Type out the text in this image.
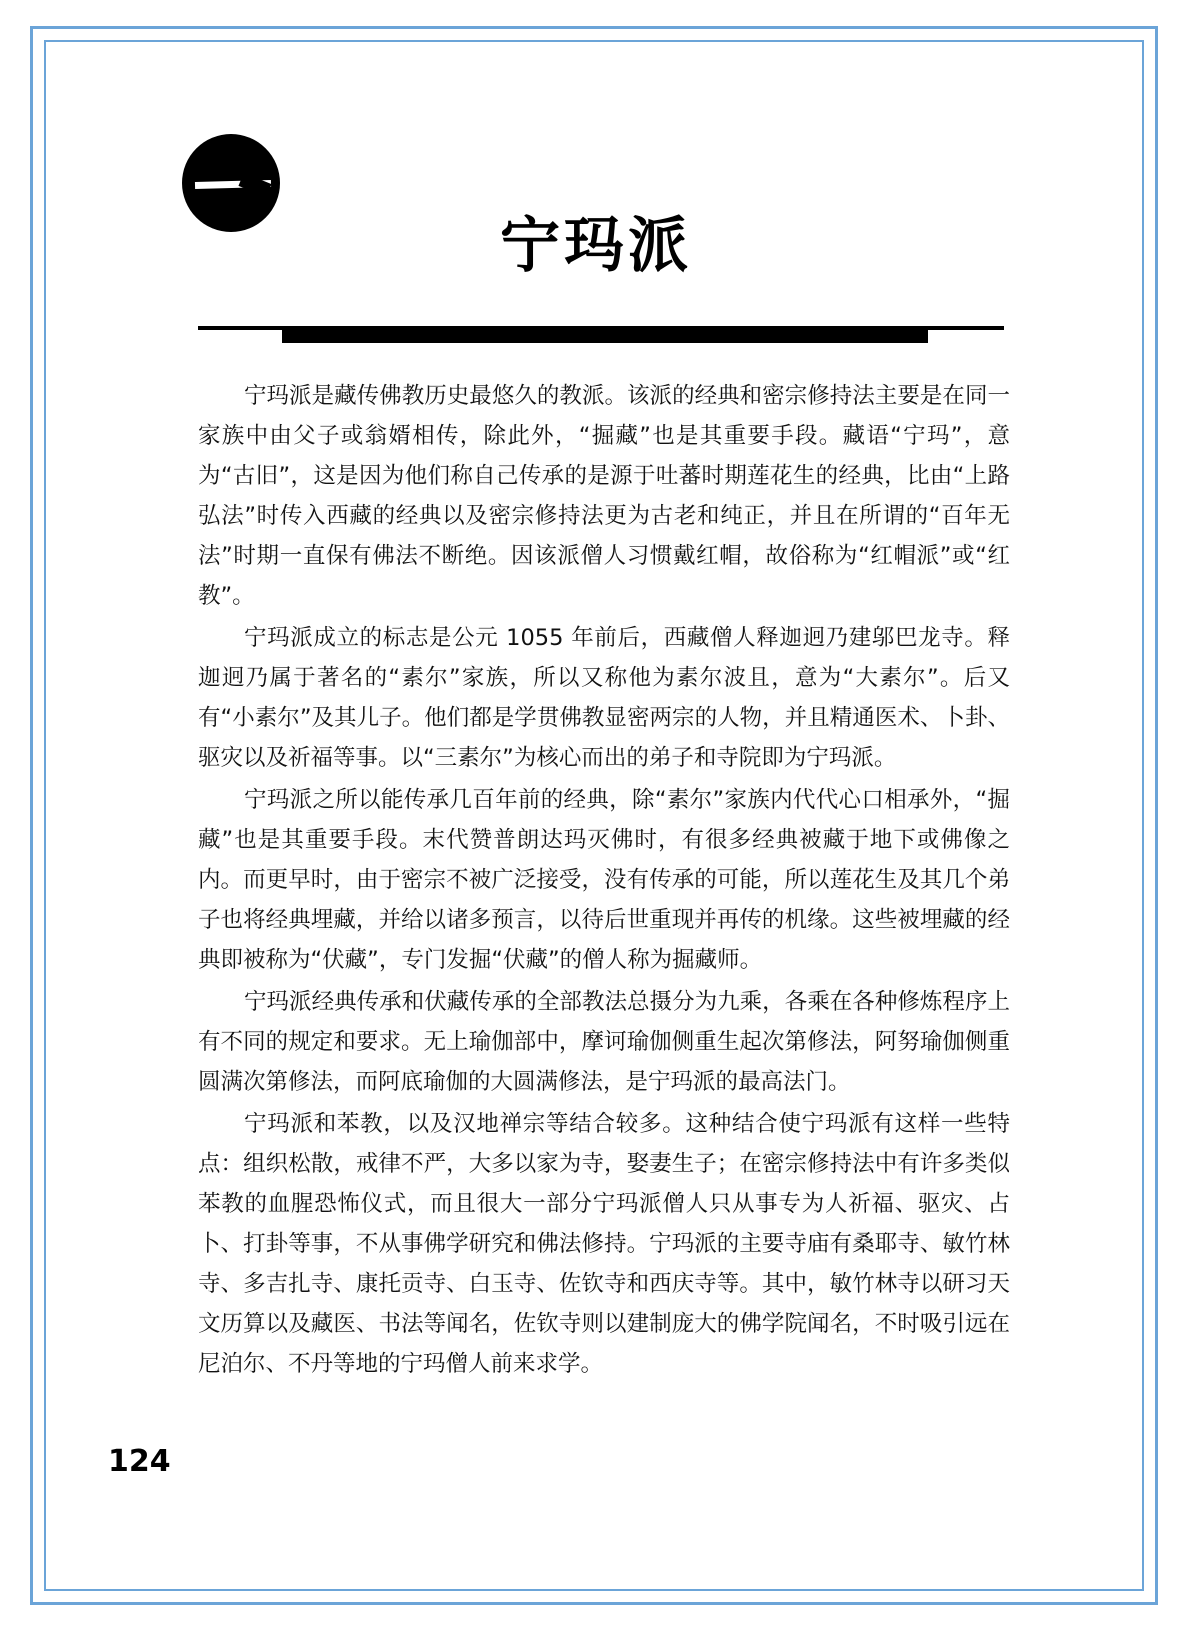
宁玛派

宁玛派是藏传佛教历史最悠久的教派。该派的经典和密宗修持法主要是在同一家族中由父子或翁婿相传，除此外，“掘藏”也是其重要手段。藏语“宁玛”，意为“古旧”，这是因为他们称自己传承的是源于吐蕃时期莲花生的经典，比由“上路弘法”时传入西藏的经典以及密宗修持法更为古老和纯正，并且在所谓的“百年无法”时期一直保有佛法不断绝。因该派僧人习惯戴红帽，故俗称为“红帽派”或“红教”。

宁玛派成立的标志是公元 1055 年前后，西藏僧人释迦迥乃建邬巴龙寺。释迦迥乃属于著名的“素尔”家族，所以又称他为素尔波且，意为“大素尔”。后又有“小素尔”及其儿子。他们都是学贯佛教显密两宗的人物，并且精通医术、卜卦、驱灾以及祈福等事。以“三素尔”为核心而出的弟子和寺院即为宁玛派。

宁玛派之所以能传承几百年前的经典，除“素尔”家族内代代心口相承外，“掘藏”也是其重要手段。末代赞普朗达玛灭佛时，有很多经典被藏于地下或佛像之内。而更早时，由于密宗不被广泛接受，没有传承的可能，所以莲花生及其几个弟子也将经典埋藏，并给以诸多预言，以待后世重现并再传的机缘。这些被埋藏的经典即被称为“伏藏”，专门发掘“伏藏”的僧人称为掘藏师。

宁玛派经典传承和伏藏传承的全部教法总摄分为九乘，各乘在各种修炼程序上有不同的规定和要求。无上瑜伽部中，摩诃瑜伽侧重生起次第修法，阿努瑜伽侧重圆满次第修法，而阿底瑜伽的大圆满修法，是宁玛派的最高法门。

宁玛派和苯教，以及汉地禅宗等结合较多。这种结合使宁玛派有这样一些特点：组织松散，戒律不严，大多以家为寺，娶妻生子；在密宗修持法中有许多类似苯教的血腥恐怖仪式，而且很大一部分宁玛派僧人只从事专为人祈福、驱灾、占卜、打卦等事，不从事佛学研究和佛法修持。宁玛派的主要寺庙有桑耶寺、敏竹林寺、多吉扎寺、康托贡寺、白玉寺、佐钦寺和西庆寺等。其中，敏竹林寺以研习天文历算以及藏医、书法等闻名，佐钦寺则以建制庞大的佛学院闻名，不时吸引远在尼泊尔、不丹等地的宁玛僧人前来求学。

124
